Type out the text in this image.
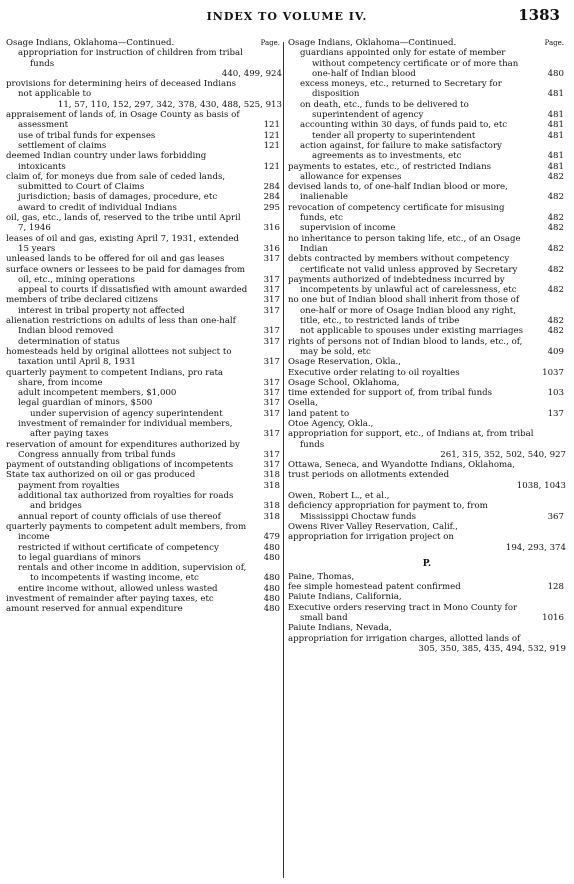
INDEX TO VOLUME IV.	1383
Osage Indians, Oklahoma—Continued.	Page.
appropriation for instruction of children from tribal funds
440, 499, 924
provisions for determining heirs of deceased Indians not applicable to
11, 57, 110, 152, 297, 342, 378, 430, 488, 525, 913
appraisement of lands of, in Osage County as basis of assessment	121
use of tribal funds for expenses	121
settlement of claims	121
deemed Indian country under laws forbidding intoxicants	121
claim of, for moneys due from sale of ceded lands, submitted to Court of Claims	284
jurisdiction; basis of damages, procedure, etc	284
award to credit of individual Indians	295
oil, gas, etc., lands of, reserved to the tribe until April 7, 1946	316
leases of oil and gas, existing April 7, 1931, extended 15 years	316
unleased lands to be offered for oil and gas leases	317
surface owners or lessees to be paid for damages from oil, etc., mining operations	317
appeal to courts if dissatisfied with amount awarded 317
members of tribe declared citizens	317
interest in tribal property not affected	317
alienation restrictions on adults of less than one-half Indian blood removed	317
determination of status	317
homesteads held by original allottees not subject to taxation until April 8, 1931	317
quarterly payment to competent Indians, pro rata share, from income	317
adult incompetent members, $1,000	317
legal guardian of minors, $500	317
under supervision of agency superintendent	317
investment of remainder for individual members, after paying taxes	317
reservation of amount for expenditures authorized by Congress annually from tribal funds	317
payment of outstanding obligations of incompetents	317
State tax authorized on oil or gas produced	318
payment from royalties	318
additional tax authorized from royalties for roads and bridges	318
annual report of county officials of use thereof	318
quarterly payments to competent adult members, from income	479
restricted if without certificate of competency	480
to legal guardians of minors	480
rentals and other income in addition, supervision of, to incompetents if wasting income, etc	480
entire income without, allowed unless wasted	480
investment of remainder after paying taxes, etc	480
amount reserved for annual expenditure	480
Osage Indians, Oklahoma—Continued.	Page.
guardians appointed only for estate of member without competency certificate or of more than one-half of Indian blood	480
excess moneys, etc., returned to Secretary for disposition	481
on death, etc., funds to be delivered to superintendent of agency	481
accounting within 30 days, of funds paid to, etc	481
tender all property to superintendent	481
action against, for failure to make satisfactory agreements as to investments, etc	481
payments to estates, etc., of restricted Indians	481
allowance for expenses	482
devised lands to, of one-half Indian blood or more, inalienable	482
revocation of competency certificate for misusing funds, etc	482
supervision of income	482
no inheritance to person taking life, etc., of an Osage Indian	482
debts contracted by members without competency certificate not valid unless approved by Secretary	482
payments authorized of indebtedness incurred by incompetents by unlawful act of carelessness, etc	482
no one but of Indian blood shall inherit from those of one-half or more of Osage Indian blood any right, title, etc., to restricted lands of tribe	482
not applicable to spouses under existing marriages	482
rights of persons not of Indian blood to lands, etc., of, may be sold, etc	409
Osage Reservation, Okla.,
Executive order relating to oil royalties	1037
Osage School, Oklahoma,
time extended for support of, from tribal funds	103
Osella,
land patent to	137
Otoe Agency, Okla.,
appropriation for support, etc., of Indians at, from tribal funds
261, 315, 352, 502, 540, 927
Ottawa, Seneca, and Wyandotte Indians, Oklahoma,
trust periods on allotments extended
1038, 1043
Owen, Robert L., et al.,
deficiency appropriation for payment to, from Mississippi Choctaw funds	367
Owens River Valley Reservation, Calif.,
appropriation for irrigation project on
194, 293, 374
P.
Paine, Thomas,
fee simple homestead patent confirmed	128
Paiute Indians, California,
Executive orders reserving tract in Mono County for small band	1016
Paiute Indians, Nevada,
appropriation for irrigation charges, allotted lands of
305, 350, 385, 435, 494, 532, 919
